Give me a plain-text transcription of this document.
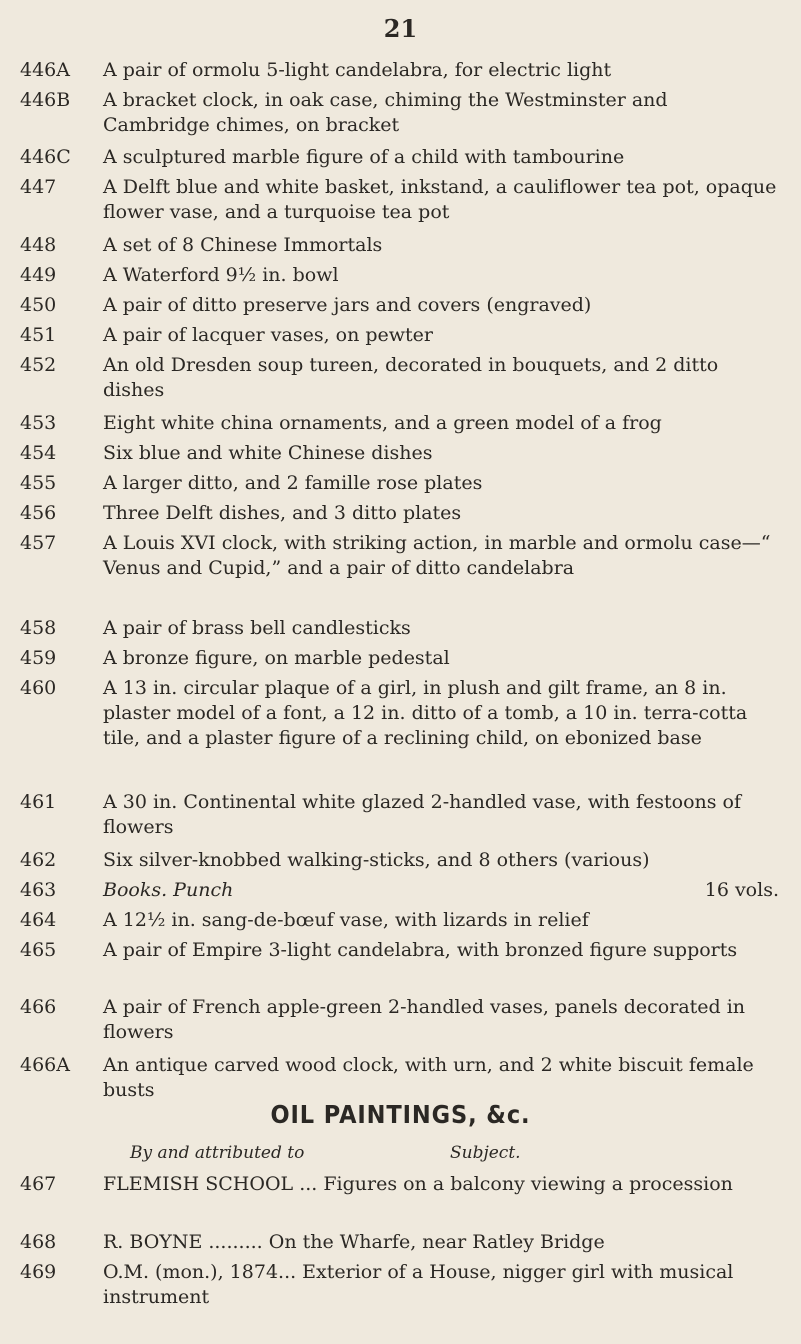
21
446A	A pair of ormolu 5-light candelabra, for electric light
446B	A bracket clock, in oak case, chiming the Westminster and Cambridge chimes, on bracket
446C	A sculptured marble figure of a child with tambourine
447	A Delft blue and white basket, inkstand, a cauliflower tea pot, opaque flower vase, and a turquoise tea pot
448	A set of 8 Chinese Immortals
449	A Waterford 9½ in. bowl
450	A pair of ditto preserve jars and covers (engraved)
451	A pair of lacquer vases, on pewter
452	An old Dresden soup tureen, decorated in bouquets, and 2 ditto dishes
453	Eight white china ornaments, and a green model of a frog
454	Six blue and white Chinese dishes
455	A larger ditto, and 2 famille rose plates
456	Three Delft dishes, and 3 ditto plates
457	A Louis XVI clock, with striking action, in marble and ormolu case—“ Venus and Cupid,” and a pair of ditto candelabra
458	A pair of brass bell candlesticks
459	A bronze figure, on marble pedestal
460	A 13 in. circular plaque of a girl, in plush and gilt frame, an 8 in. plaster model of a font, a 12 in. ditto of a tomb, a 10 in. terra-cotta tile, and a plaster figure of a reclining child, on ebonized base
461	A 30 in. Continental white glazed 2-handled vase, with festoons of flowers
462	Six silver-knobbed walking-sticks, and 8 others (various)
463	Books. Punch	16 vols.
464	A 12½ in. sang-de-bœuf vase, with lizards in relief
465	A pair of Empire 3-light candelabra, with bronzed figure supports
466	A pair of French apple-green 2-handled vases, panels decorated in flowers
466A	An antique carved wood clock, with urn, and 2 white biscuit female busts
OIL PAINTINGS, &c.
By and attributed to	Subject.
467	FLEMISH SCHOOL ... Figures on a balcony viewing a procession
468	R. BOYNE ......... On the Wharfe, near Ratley Bridge
469	O.M. (mon.), 1874... Exterior of a House, nigger girl with musical instrument
